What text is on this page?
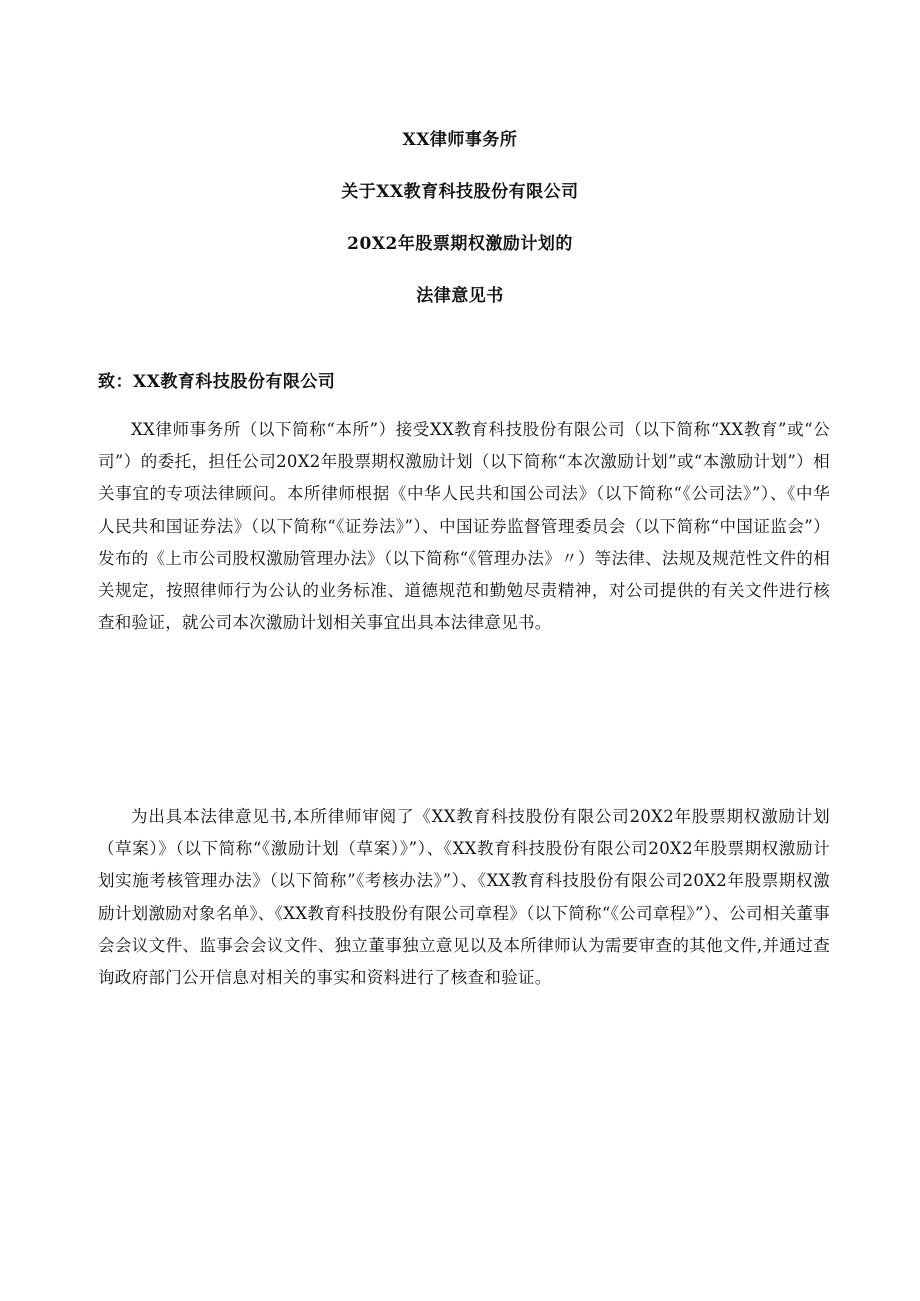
XX律师事务所
关于XX教育科技股份有限公司
20X2年股票期权激励计划的
法律意见书
致：XX教育科技股份有限公司

XX律师事务所（以下简称“本所”）接受XX教育科技股份有限公司（以下简称“XX教育”或“公司”）的委托，担任公司20X2年股票期权激励计划（以下简称“本次激励计划”或“本激励计划”）相关事宜的专项法律顾问。本所律师根据《中华人民共和国公司法》（以下简称“《公司法》”）、《中华人民共和国证券法》（以下简称“《证券法》”）、中国证券监督管理委员会（以下简称“中国证监会”）发布的《上市公司股权激励管理办法》（以下简称“《管理办法》〃）等法律、法规及规范性文件的相关规定，按照律师行为公认的业务标准、道德规范和勤勉尽责精神，对公司提供的有关文件进行核查和验证，就公司本次激励计划相关事宜出具本法律意见书。

为出具本法律意见书,本所律师审阅了《XX教育科技股份有限公司20X2年股票期权激励计划（草案）》（以下简称“《激励计划（草案）》”）、《XX教育科技股份有限公司20X2年股票期权激励计划实施考核管理办法》（以下简称”《考核办法》”）、《XX教育科技股份有限公司20X2年股票期权激励计划激励对象名单》、《XX教育科技股份有限公司章程》（以下简称“《公司章程》”）、公司相关董事会会议文件、监事会会议文件、独立董事独立意见以及本所律师认为需要审查的其他文件,并通过查询政府部门公开信息对相关的事实和资料进行了核查和验证。
